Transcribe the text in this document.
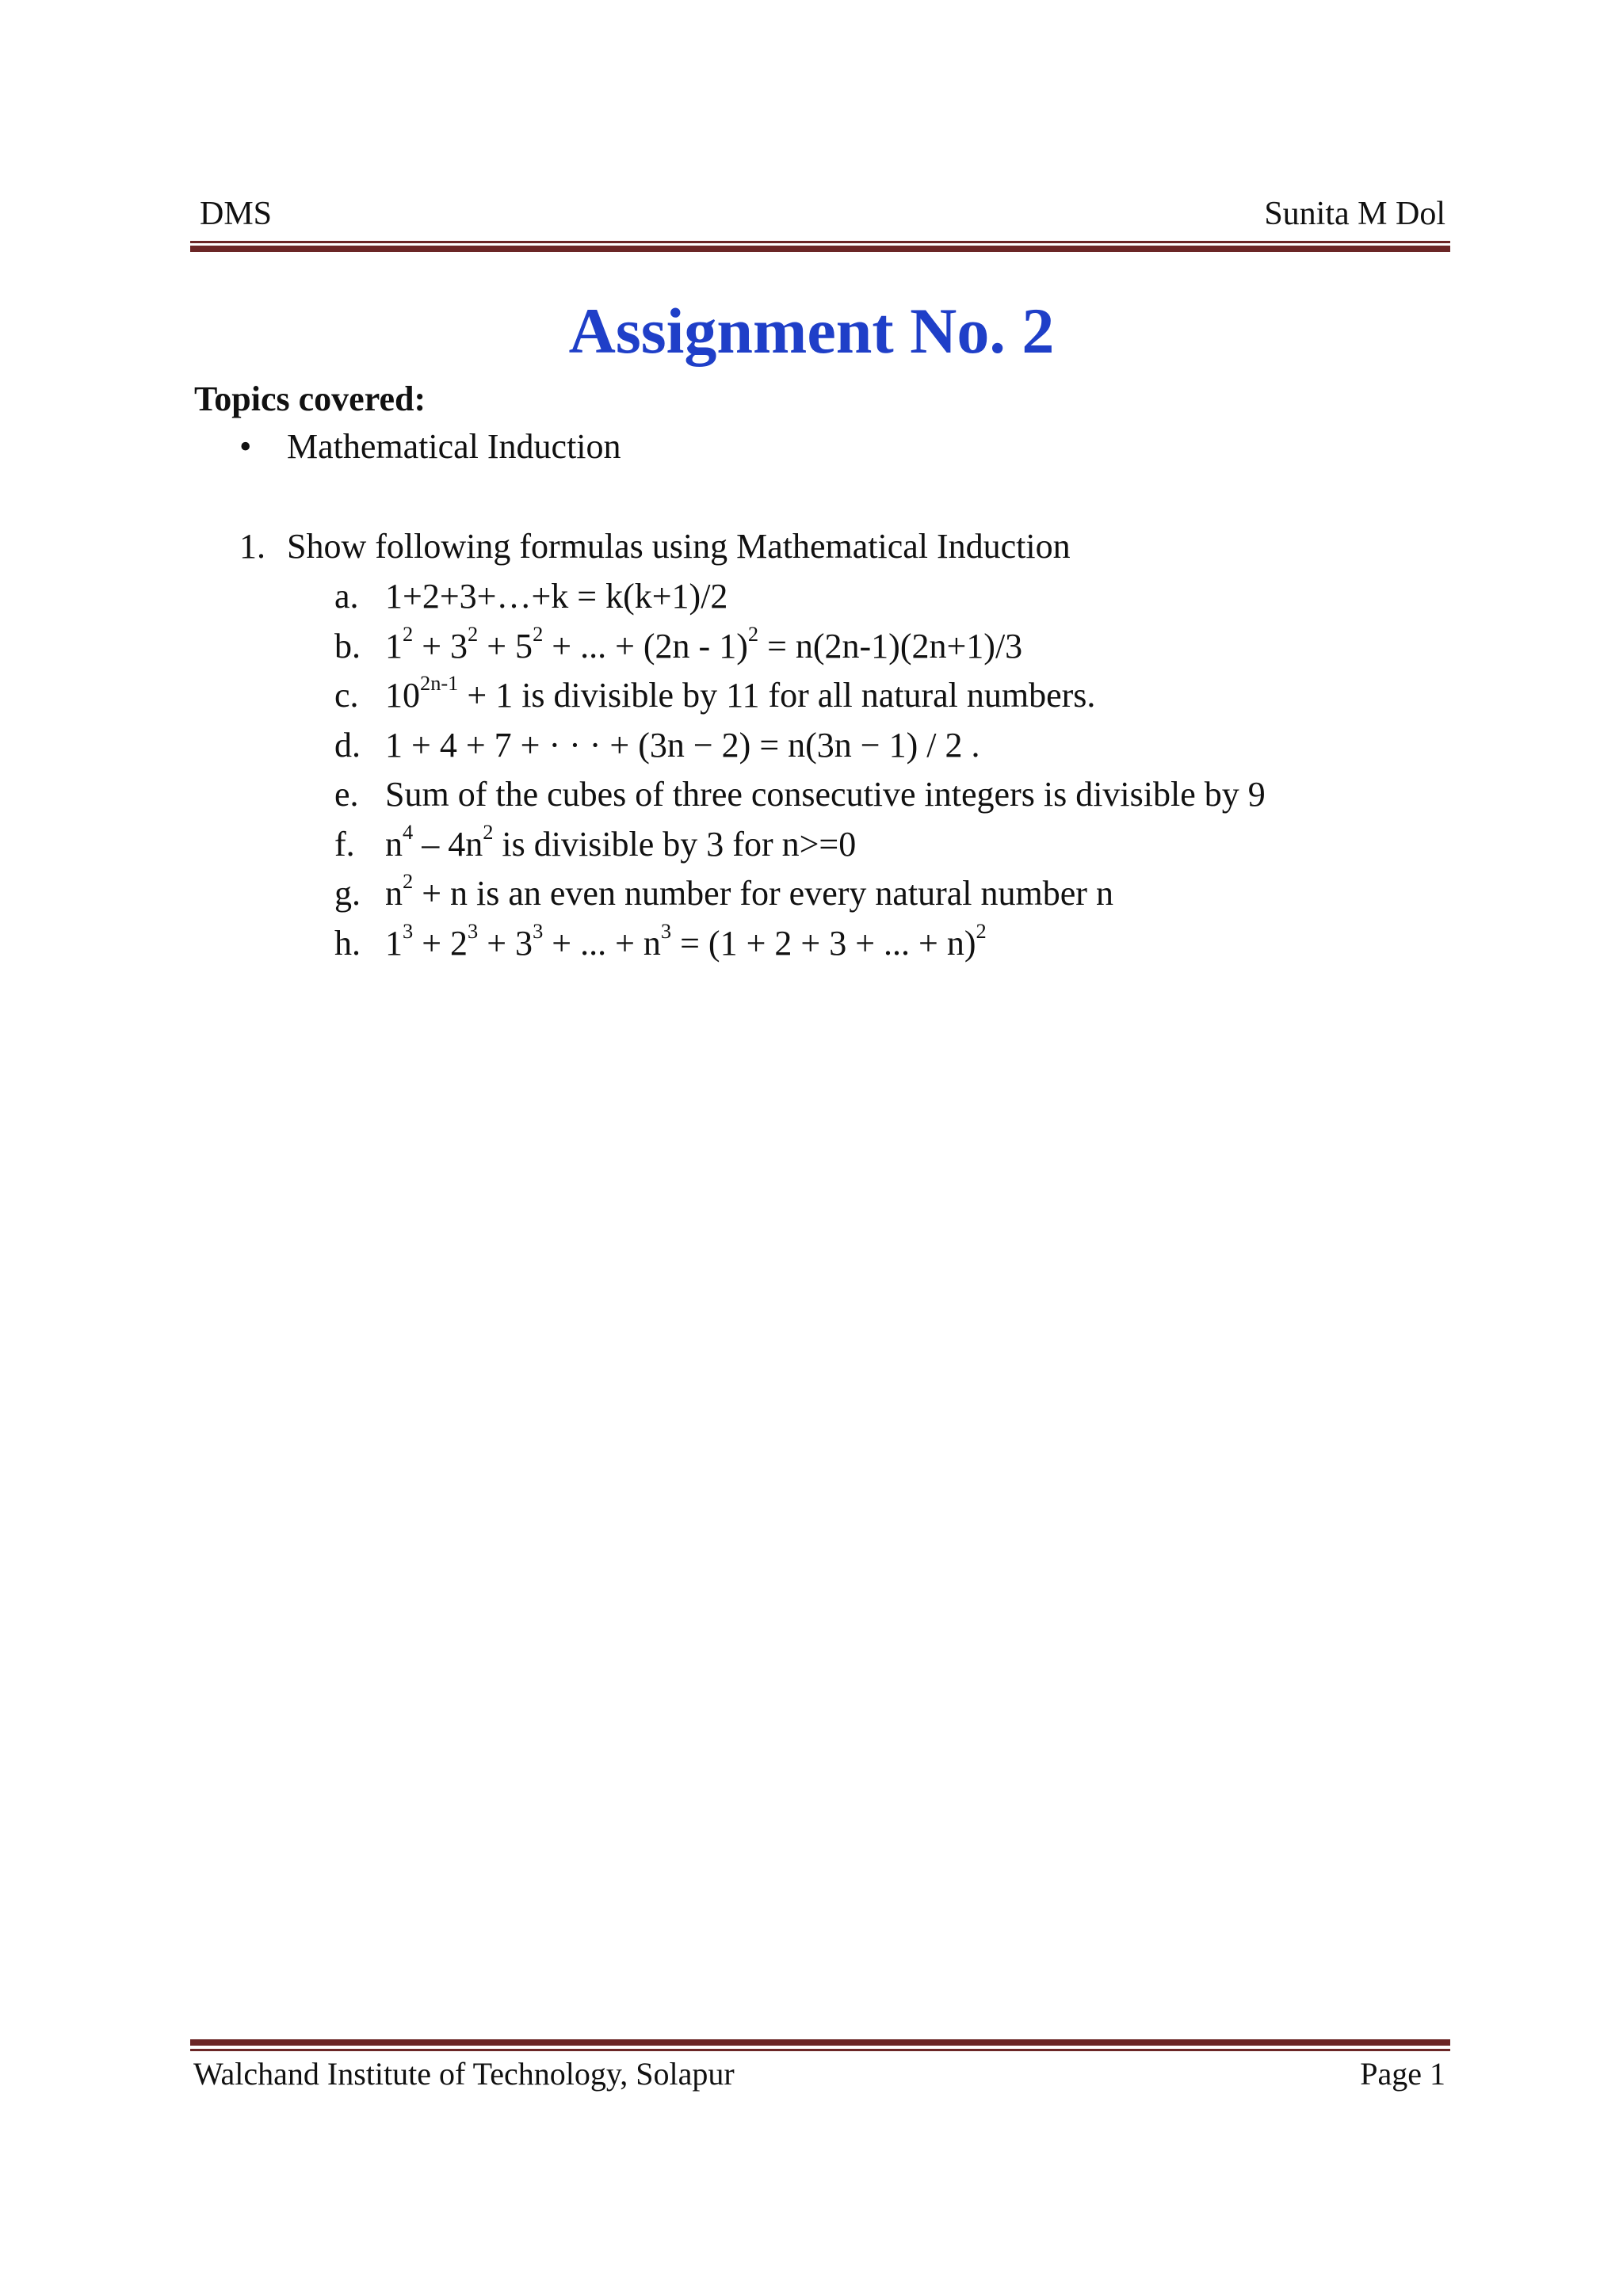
DMS	Sunita M Dol
Assignment No. 2
Topics covered:
• Mathematical Induction
1. Show following formulas using Mathematical Induction
a. 1+2+3+…+k = k(k+1)/2
b. $1^2 + 3^2 + 5^2$ + ... + (2n - 1)$^2$ = n(2n-1)(2n+1)/3
c. $10^{2n-1} + 1$ is divisible by 11 for all natural numbers.
d. 1 + 4 + 7 + · · · + (3n − 2) = n(3n − 1) / 2 .
e. Sum of the cubes of three consecutive integers is divisible by 9
f. $n^4 - 4n^2$ is divisible by 3 for n>=0
g. $n^2 + n$ is an even number for every natural number n
h. $1^3 + 2^3 + 3^3$ + ... + $n^3 = (1 + 2 + 3$ + ... + n)$^2$
Walchand Institute of Technology, Solapur	Page 1
